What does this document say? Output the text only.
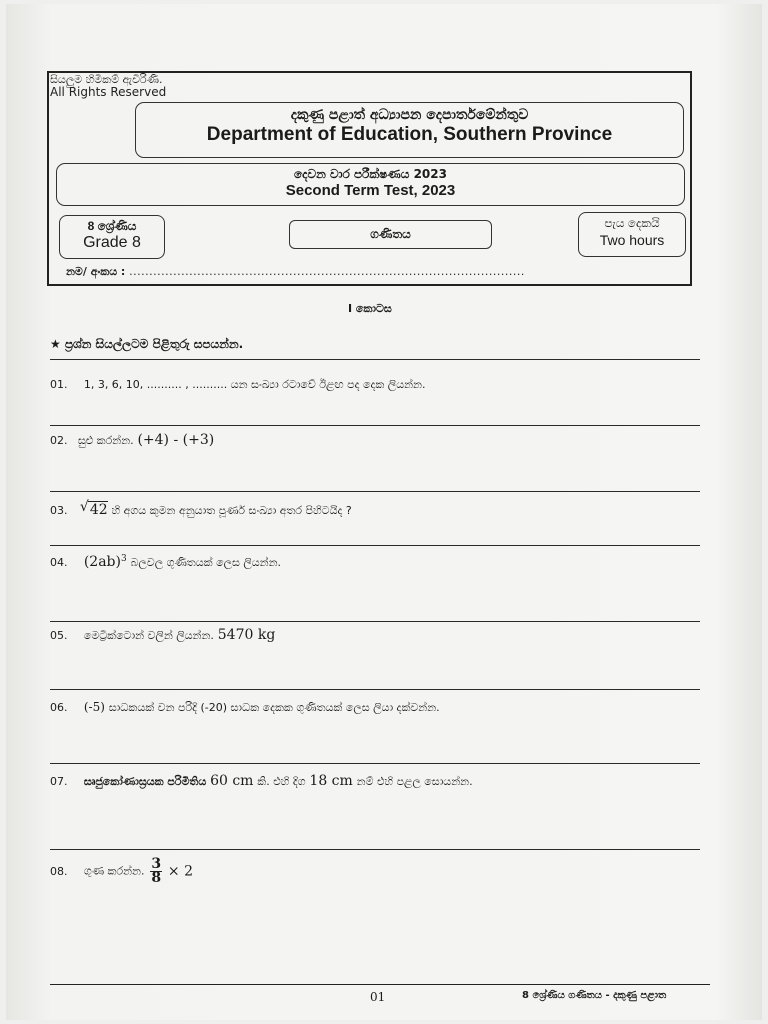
සියලුම හිමිකම් ඇවිරිණි.
All Rights Reserved
දකුණු පළාත් අධ්‍යාපන දෙපාර්තමේන්තුව
Department of Education, Southern Province
දෙවන වාර පරීක්ෂණය 2023
Second Term Test, 2023
8 ශ්‍රේණිය
Grade 8	ගණිතය
පැය දෙකයි
Two hours
නම/ අංකය : ...................................................................................................
I කොටස
★ ප්‍රශ්න සියල්ලටම පිළිතුරු සපයන්න.
01. 1, 3, 6, 10, .......... , .......... යන සංඛ්‍යා රටාවේ ඊළඟ පද දෙක ලියන්න.
02. සුළු කරන්න. (+4) - (+3)
03. √ 42 හි අගය කුමන අනුයාත පූර්ණ සංඛ්‍යා අතර පිහිටයිද ?
04. $(2ab)^3$ බලවල ගුණිතයක් ලෙස ලියන්න.
05. මෙට්‍රික්ටොන් වලින් ලියන්න. 5470 kg
06. (-5) සාධකයක් වන පරිදි (-20) සාධක දෙකක ගුණිතයක් ලෙස ලියා දක්වන්න.
07. සෘජුකෝණාස්‍රයක පරිමිතිය 60 cm කි. එහි දිග 18 cm නම් එහි පළල සොයන්න.
08. ගුණ කරන්න. $\frac{3}{8} \times 2$
01	8 ශ්‍රේණිය ගණිතය - දකුණු පළාත
